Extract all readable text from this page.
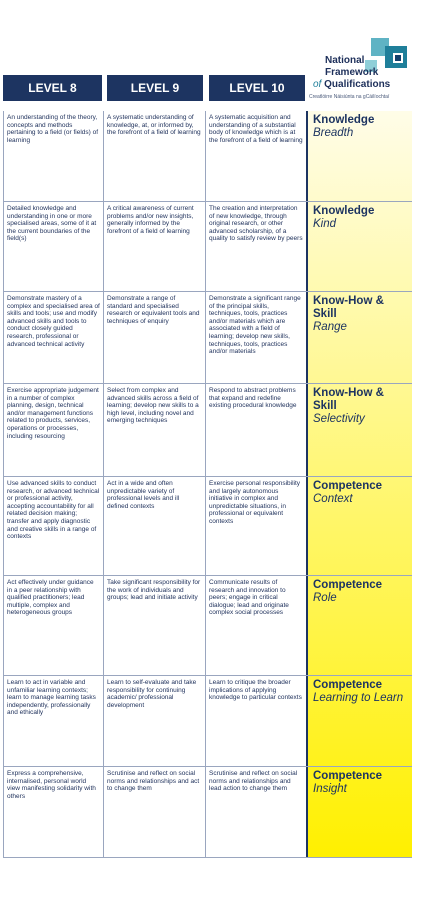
National
Framework
of Qualifications
Creatlóirre Náisiúnta na gCáilíochtaí
LEVEL 8	LEVEL 9	LEVEL 10
An understanding of the theory, concepts and methods pertaining to a field (or fields) of learning
A systematic understanding of knowledge, at, or informed by, the forefront of a field of learning
A systematic acquisition and understanding of a substantial body of knowledge which is at the forefront of a field of learning
Knowledge
Breadth
Detailed knowledge and understanding in one or more specialised areas, some of it at the current boundaries of the field(s)
A critical awareness of current problems and/or new insights, generally informed by the forefront of a field of learning
The creation and interpretation of new knowledge, through original research, or other advanced scholarship, of a quality to satisfy review by peers
Knowledge
Kind
Demonstrate mastery of a complex and specialised area of skills and tools; use and modify advanced skills and tools to conduct closely guided research, professional or advanced technical activity
Demonstrate a range of standard and specialised research or equivalent tools and techniques of enquiry
Demonstrate a significant range of the principal skills, techniques, tools, practices and/or materials which are associated with a field of learning; develop new skills, techniques, tools, practices and/or materials
Know-How & Skill
Range
Exercise appropriate judgement in a number of complex planning, design, technical and/or management functions related to products, services, operations or processes, including resourcing
Select from complex and advanced skills across a field of learning; develop new skills to a high level, including novel and emerging techniques
Respond to abstract problems that expand and redefine existing procedural knowledge
Know-How & Skill
Selectivity
Use advanced skills to conduct research, or advanced technical or professional activity, accepting accountability for all related decision making; transfer and apply diagnostic and creative skills in a range of contexts
Act in a wide and often unpredictable variety of professional levels and ill defined contexts
Exercise personal responsibility and largely autonomous initiative in complex and unpredictable situations, in professional or equivalent contexts
Competence
Context
Act effectively under guidance in a peer relationship with qualified practitioners; lead multiple, complex and heterogeneous groups
Take significant responsibility for the work of individuals and groups; lead and initiate activity
Communicate results of research and innovation to peers; engage in critical dialogue; lead and originate complex social processes
Competence
Role
Learn to act in variable and unfamiliar learning contexts; learn to manage learning tasks independently, professionally and ethically
Learn to self-evaluate and take responsibility for continuing academic/ professional development
Learn to critique the broader implications of applying knowledge to particular contexts
Competence
Learning to Learn
Express a comprehensive, internalised, personal world view manifesting solidarity with others
Scrutinise and reflect on social norms and relationships and act to change them
Scrutinise and reflect on social norms and relationships and lead action to change them
Competence
Insight
